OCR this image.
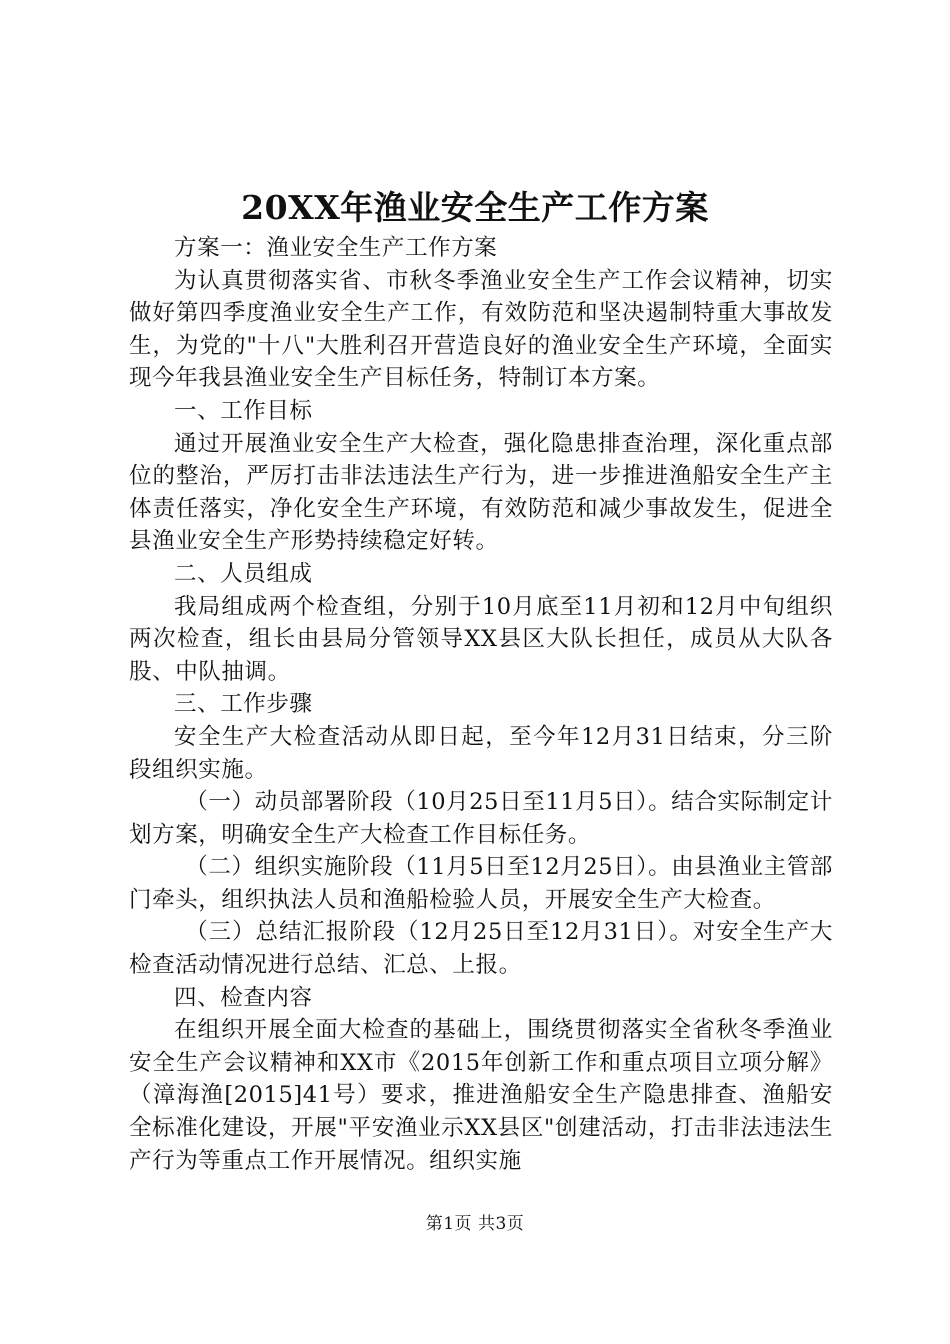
20XX年渔业安全生产工作方案

方案一：渔业安全生产工作方案

为认真贯彻落实省、市秋冬季渔业安全生产工作会议精神，切实做好第四季度渔业安全生产工作，有效防范和坚决遏制特重大事故发生，为党的"十八"大胜利召开营造良好的渔业安全生产环境，全面实现今年我县渔业安全生产目标任务，特制订本方案。

一、工作目标

通过开展渔业安全生产大检查，强化隐患排查治理，深化重点部位的整治，严厉打击非法违法生产行为，进一步推进渔船安全生产主体责任落实，净化安全生产环境，有效防范和减少事故发生，促进全县渔业安全生产形势持续稳定好转。

二、人员组成

我局组成两个检查组，分别于10月底至11月初和12月中旬组织两次检查，组长由县局分管领导XX县区大队长担任，成员从大队各股、中队抽调。

三、工作步骤

安全生产大检查活动从即日起，至今年12月31日结束，分三阶段组织实施。

（一）动员部署阶段（10月25日至11月5日）。结合实际制定计划方案，明确安全生产大检查工作目标任务。

（二）组织实施阶段（11月5日至12月25日）。由县渔业主管部门牵头，组织执法人员和渔船检验人员，开展安全生产大检查。

（三）总结汇报阶段（12月25日至12月31日）。对安全生产大检查活动情况进行总结、汇总、上报。

四、检查内容

在组织开展全面大检查的基础上，围绕贯彻落实全省秋冬季渔业安全生产会议精神和XX市《2015年创新工作和重点项目立项分解》（漳海渔[2015]41号）要求，推进渔船安全生产隐患排查、渔船安全标准化建设，开展"平安渔业示XX县区"创建活动，打击非法违法生产行为等重点工作开展情况。组织实施

第1页 共3页
